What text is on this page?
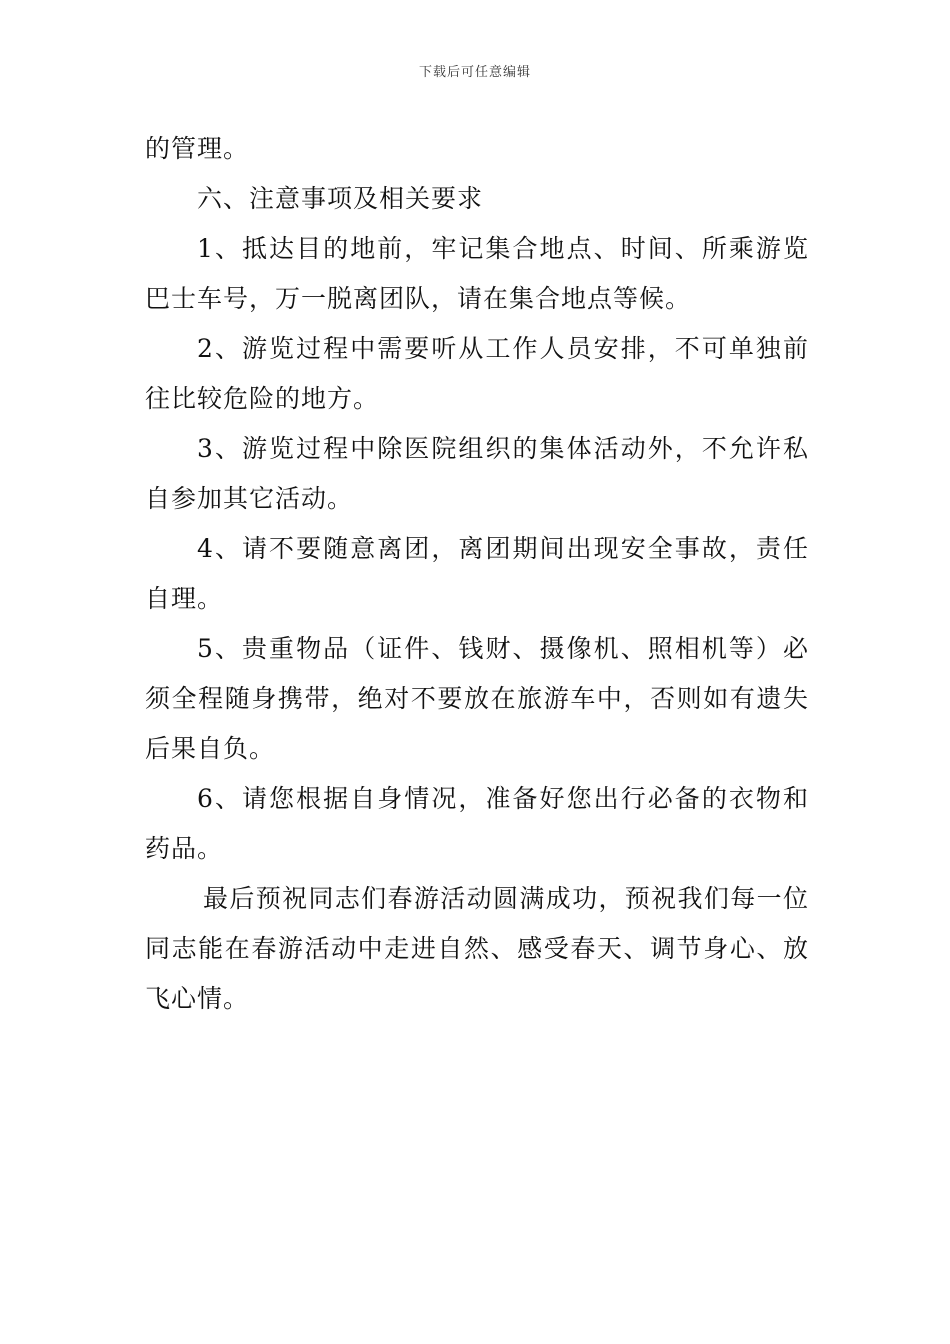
下载后可任意编辑

的管理。

六、注意事项及相关要求

1、抵达目的地前，牢记集合地点、时间、所乘游览巴士车号，万一脱离团队，请在集合地点等候。

2、游览过程中需要听从工作人员安排，不可单独前往比较危险的地方。

3、游览过程中除医院组织的集体活动外，不允许私自参加其它活动。

4、请不要随意离团，离团期间出现安全事故，责任自理。

5、贵重物品（证件、钱财、摄像机、照相机等）必须全程随身携带，绝对不要放在旅游车中，否则如有遗失后果自负。

6、请您根据自身情况，准备好您出行必备的衣物和药品。

最后预祝同志们春游活动圆满成功，预祝我们每一位同志能在春游活动中走进自然、感受春天、调节身心、放飞心情。
